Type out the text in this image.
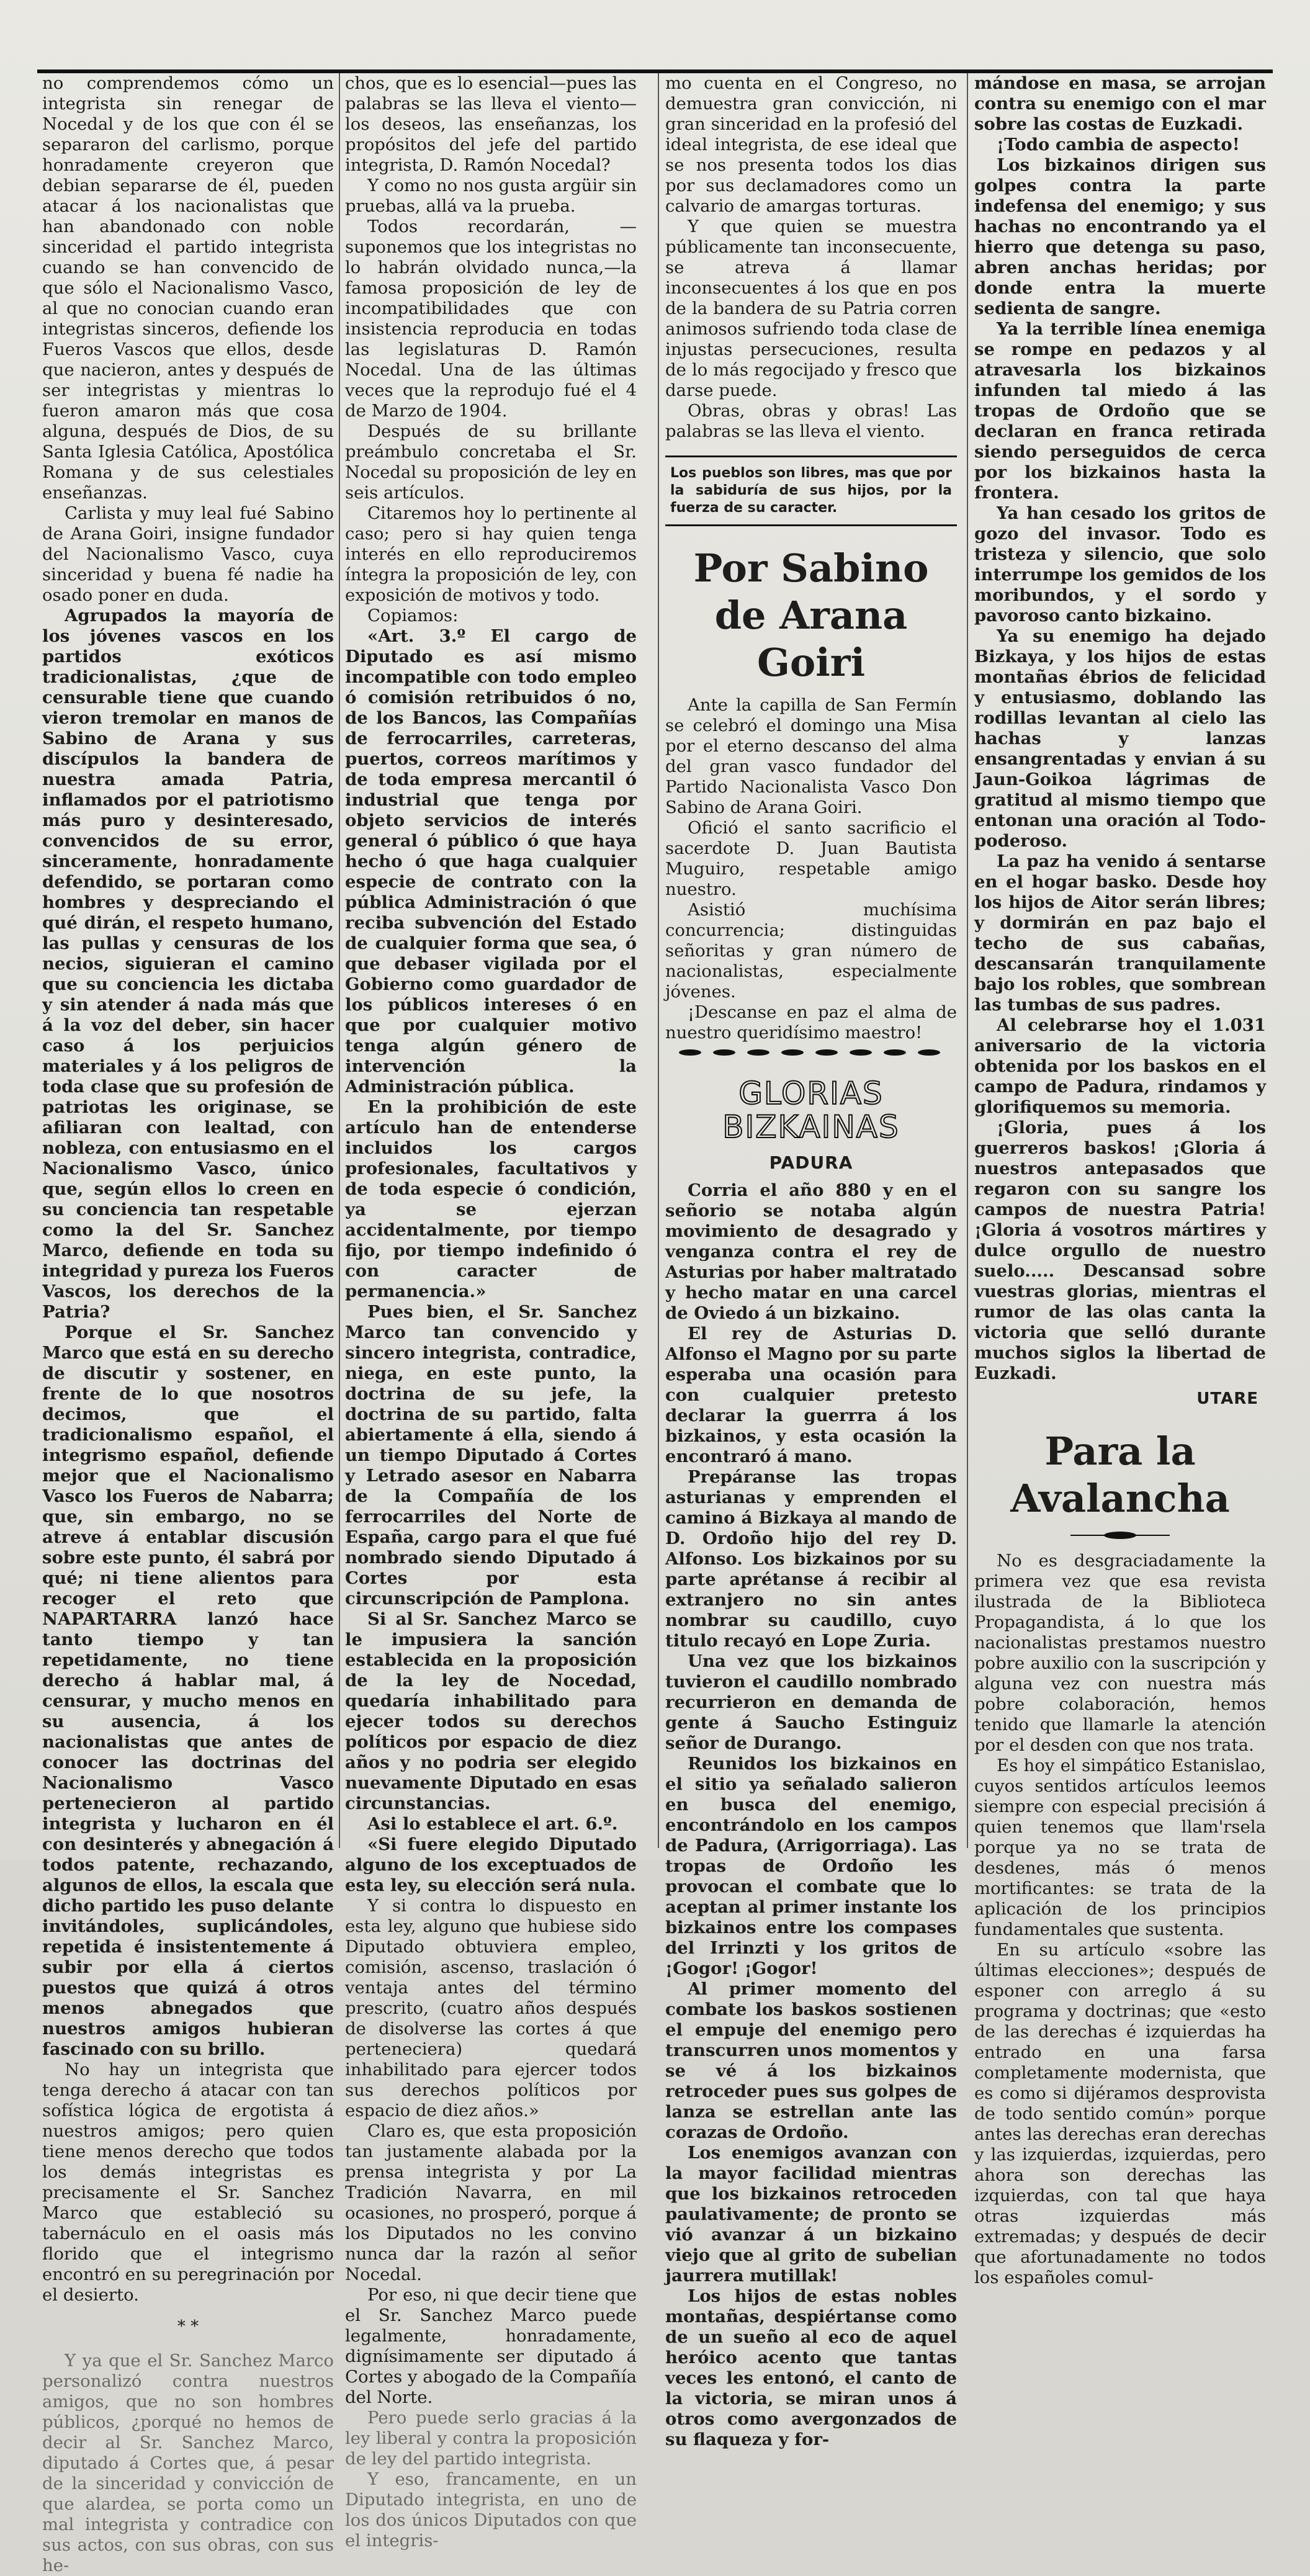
no comprendemos cómo un integrista sin renegar de Nocedal y de los que con él se separaron del carlismo, porque honradamente creyeron que debian separarse de él, pueden atacar á los nacionalistas que han abandonado con noble sinceridad el partido integrista cuando se han convencido de que sólo el Nacionalismo Vasco, al que no conocian cuando eran integristas sinceros, defiende los Fueros Vascos que ellos, desde que nacieron, antes y después de ser integristas y mientras lo fueron amaron más que cosa alguna, después de Dios, de su Santa Iglesia Católica, Apostólica Romana y de sus celestiales enseñanzas.

Carlista y muy leal fué Sabino de Arana Goiri, insigne fundador del Nacionalismo Vasco, cuya sinceridad y buena fé nadie ha osado poner en duda.

Agrupados la mayoría de los jóvenes vascos en los partidos exóticos tradicionalistas, ¿que de censurable tiene que cuando vieron tremolar en manos de Sabino de Arana y sus discípulos la bandera de nuestra amada Patria, inflamados por el patriotismo más puro y desinteresado, convencidos de su error, sinceramente, honradamente defendido, se portaran como hombres y despreciando el qué dirán, el respeto humano, las pullas y censuras de los necios, siguieran el camino que su conciencia les dictaba y sin atender á nada más que á la voz del deber, sin hacer caso á los perjuicios materiales y á los peligros de toda clase que su profesión de patriotas les originase, se afiliaran con lealtad, con nobleza, con entusiasmo en el Nacionalismo Vasco, único que, según ellos lo creen en su conciencia tan respetable como la del Sr. Sanchez Marco, defiende en toda su integridad y pureza los Fueros Vascos, los derechos de la Patria?

Porque el Sr. Sanchez Marco que está en su derecho de discutir y sostener, en frente de lo que nosotros decimos, que el tradicionalismo español, el integrismo español, defiende mejor que el Nacionalismo Vasco los Fueros de Nabarra; que, sin embargo, no se atreve á entablar discusión sobre este punto, él sabrá por qué; ni tiene alientos para recoger el reto que NAPARTARRA lanzó hace tanto tiempo y tan repetidamente, no tiene derecho á hablar mal, á censurar, y mucho menos en su ausencia, á los nacionalistas que antes de conocer las doctrinas del Nacionalismo Vasco pertenecieron al partido integrista y lucharon en él con desinterés y abnegación á todos patente, rechazando, algunos de ellos, la escala que dicho partido les puso delante invitándoles, suplicándoles, repetida é insistentemente á subir por ella á ciertos puestos que quizá á otros menos abnegados que nuestros amigos hubieran fascinado con su brillo.

No hay un integrista que tenga derecho á atacar con tan sofística lógica de ergotista á nuestros amigos; pero quien tiene menos derecho que todos los demás integristas es precisamente el Sr. Sanchez Marco que estableció su tabernáculo en el oasis más florido que el integrismo encontró en su peregrinación por el desierto.

* *

Y ya que el Sr. Sanchez Marco personalizó contra nuestros amigos, que no son hombres públicos, ¿porqué no hemos de decir al Sr. Sanchez Marco, diputado á Cortes que, á pesar de la sinceridad y convicción de que alardea, se porta como un mal integrista y contradice con sus actos, con sus obras, con sus he-

chos, que es lo esencial—pues las palabras se las lleva el viento—los deseos, las enseñanzas, los propósitos del jefe del partido integrista, D. Ramón Nocedal?

Y como no nos gusta argüir sin pruebas, allá va la prueba.

Todos recordarán, —suponemos que los integristas no lo habrán olvidado nunca,—la famosa proposición de ley de incompatibilidades que con insistencia reproducia en todas las legislaturas D. Ramón Nocedal. Una de las últimas veces que la reprodujo fué el 4 de Marzo de 1904.

Después de su brillante preámbulo concretaba el Sr. Nocedal su proposición de ley en seis artículos.

Citaremos hoy lo pertinente al caso; pero si hay quien tenga interés en ello reproduciremos íntegra la proposición de ley, con exposición de motivos y todo.

Copiamos:

«Art. 3.º El cargo de Diputado es así mismo incompatible con todo empleo ó comisión retribuidos ó no, de los Bancos, las Compañías de ferrocarriles, carreteras, puertos, correos marítimos y de toda empresa mercantil ó industrial que tenga por objeto servicios de interés general ó público ó que haya hecho ó que haga cualquier especie de contrato con la pública Administración ó que reciba subvención del Estado de cualquier forma que sea, ó que debaser vigilada por el Gobierno como guardador de los públicos intereses ó en que por cualquier motivo tenga algún género de intervención la Administración pública.

En la prohibición de este artículo han de entenderse incluidos los cargos profesionales, facultativos y de toda especie ó condición, ya se ejerzan accidentalmente, por tiempo fijo, por tiempo indefinido ó con caracter de permanencia.»

Pues bien, el Sr. Sanchez Marco tan convencido y sincero integrista, contradice, niega, en este punto, la doctrina de su jefe, la doctrina de su partido, falta abiertamente á ella, siendo á un tiempo Diputado á Cortes y Letrado asesor en Nabarra de la Compañía de los ferrocarriles del Norte de España, cargo para el que fué nombrado siendo Diputado á Cortes por esta circunscripción de Pamplona.

Si al Sr. Sanchez Marco se le impusiera la sanción establecida en la proposición de la ley de Nocedad, quedaría inhabilitado para ejecer todos su derechos políticos por espacio de diez años y no podria ser elegido nuevamente Diputado en esas circunstancias.

Asi lo establece el art. 6.º.

«Si fuere elegido Diputado alguno de los exceptuados de esta ley, su elección será nula.

Y si contra lo dispuesto en esta ley, alguno que hubiese sido Diputado obtuviera empleo, comisión, ascenso, traslación ó ventaja antes del término prescrito, (cuatro años después de disolverse las cortes á que perteneciera) quedará inhabilitado para ejercer todos sus derechos políticos por espacio de diez años.»

Claro es, que esta proposición tan justamente alabada por la prensa integrista y por La Tradición Navarra, en mil ocasiones, no prosperó, porque á los Diputados no les convino nunca dar la razón al señor Nocedal.

Por eso, ni que decir tiene que el Sr. Sanchez Marco puede legalmente, honradamente, dignísimamente ser diputado á Cortes y abogado de la Compañía del Norte.

Pero puede serlo gracias á la ley liberal y contra la proposición de ley del partido integrista.

Y eso, francamente, en un Diputado integrista, en uno de los dos únicos Diputados con que el integris-

mo cuenta en el Congreso, no demuestra gran convicción, ni gran sinceridad en la profesió del ideal integrista, de ese ideal que se nos presenta todos los dias por sus declamadores como un calvario de amargas torturas.

Y que quien se muestra públicamente tan inconsecuente, se atreva á llamar inconsecuentes á los que en pos de la bandera de su Patria corren animosos sufriendo toda clase de injustas persecuciones, resulta de lo más regocijado y fresco que darse puede.

Obras, obras y obras! Las palabras se las lleva el viento.

Los pueblos son libres, mas que por la sabiduría de sus hijos, por la fuerza de su caracter.
Por Sabino de Arana Goiri

Ante la capilla de San Fermín se celebró el domingo una Misa por el eterno descanso del alma del gran vasco fundador del Partido Nacionalista Vasco Don Sabino de Arana Goiri.

Ofició el santo sacrificio el sacerdote D. Juan Bautista Muguiro, respetable amigo nuestro.

Asistió muchísima concurrencia; distinguidas señoritas y gran número de nacionalistas, especialmente jóvenes.

¡Descanse en paz el alma de nuestro queridísimo maestro!

GLORIAS BIZKAINAS
PADURA

Corria el año 880 y en el señorio se notaba algún movimiento de desagrado y venganza contra el rey de Asturias por haber maltratado y hecho matar en una carcel de Oviedo á un bizkaino.

El rey de Asturias D. Alfonso el Magno por su parte esperaba una ocasión para con cualquier pretesto declarar la guerrra á los bizkainos, y esta ocasión la encontraró á mano.

Prepáranse las tropas asturianas y emprenden el camino á Bizkaya al mando de D. Ordoño hijo del rey D. Alfonso. Los bizkainos por su parte aprétanse á recibir al extranjero no sin antes nombrar su caudillo, cuyo titulo recayó en Lope Zuria.

Una vez que los bizkainos tuvieron el caudillo nombrado recurrieron en demanda de gente á Saucho Estinguiz señor de Durango.

Reunidos los bizkainos en el sitio ya señalado salieron en busca del enemigo, encontrándolo en los campos de Padura, (Arrigorriaga). Las tropas de Ordoño les provocan el combate que lo aceptan al primer instante los bizkainos entre los compases del Irrinzti y los gritos de ¡Gogor! ¡Gogor!

Al primer momento del combate los baskos sostienen el empuje del enemigo pero transcurren unos momentos y se vé á los bizkainos retroceder pues sus golpes de lanza se estrellan ante las corazas de Ordoño.

Los enemigos avanzan con la mayor facilidad mientras que los bizkainos retroceden paulativamente; de pronto se vió avanzar á un bizkaino viejo que al grito de subelian jaurrera mutillak!

Los hijos de estas nobles montañas, despiértanse como de un sueño al eco de aquel heróico acento que tantas veces les entonó, el canto de la victoria, se miran unos á otros como avergonzados de su flaqueza y for-

mándose en masa, se arrojan contra su enemigo con el mar sobre las costas de Euzkadi.

¡Todo cambia de aspecto!

Los bizkainos dirigen sus golpes contra la parte indefensa del enemigo; y sus hachas no encontrando ya el hierro que detenga su paso, abren anchas heridas; por donde entra la muerte sedienta de sangre.

Ya la terrible línea enemiga se rompe en pedazos y al atravesarla los bizkainos infunden tal miedo á las tropas de Ordoño que se declaran en franca retirada siendo perseguidos de cerca por los bizkainos hasta la frontera.

Ya han cesado los gritos de gozo del invasor. Todo es tristeza y silencio, que solo interrumpe los gemidos de los moribundos, y el sordo y pavoroso canto bizkaino.

Ya su enemigo ha dejado Bizkaya, y los hijos de estas montañas ébrios de felicidad y entusiasmo, doblando las rodillas levantan al cielo las hachas y lanzas ensangrentadas y envian á su Jaun-Goikoa lágrimas de gratitud al mismo tiempo que entonan una oración al Todo-poderoso.

La paz ha venido á sentarse en el hogar basko. Desde hoy los hijos de Aitor serán libres; y dormirán en paz bajo el techo de sus cabañas, descansarán tranquilamente bajo los robles, que sombrean las tumbas de sus padres.

Al celebrarse hoy el 1.031 aniversario de la victoria obtenida por los baskos en el campo de Padura, rindamos y glorifiquemos su memoria.

¡Gloria, pues á los guerreros baskos! ¡Gloria á nuestros antepasados que regaron con su sangre los campos de nuestra Patria! ¡Gloria á vosotros mártires y dulce orgullo de nuestro suelo..... Descansad sobre vuestras glorias, mientras el rumor de las olas canta la victoria que selló durante muchos siglos la libertad de Euzkadi.

UTARE
Para la Avalancha

No es desgraciadamente la primera vez que esa revista ilustrada de la Biblioteca Propagandista, á lo que los nacionalistas prestamos nuestro pobre auxilio con la suscripción y alguna vez con nuestra más pobre colaboración, hemos tenido que llamarle la atención por el desden con que nos trata.

Es hoy el simpático Estanislao, cuyos sentidos artículos leemos siempre con especial precisión á quien tenemos que llam'rsela porque ya no se trata de desdenes, más ó menos mortificantes: se trata de la aplicación de los principios fundamentales que sustenta.

En su artículo «sobre las últimas elecciones»; después de esponer con arreglo á su programa y doctrinas; que «esto de las derechas é izquierdas ha entrado en una farsa completamente modernista, que es como si dijéramos desprovista de todo sentido común» porque antes las derechas eran derechas y las izquierdas, izquierdas, pero ahora son derechas las izquierdas, con tal que haya otras izquierdas más extremadas; y después de decir que afortunadamente no todos los españoles comul-
